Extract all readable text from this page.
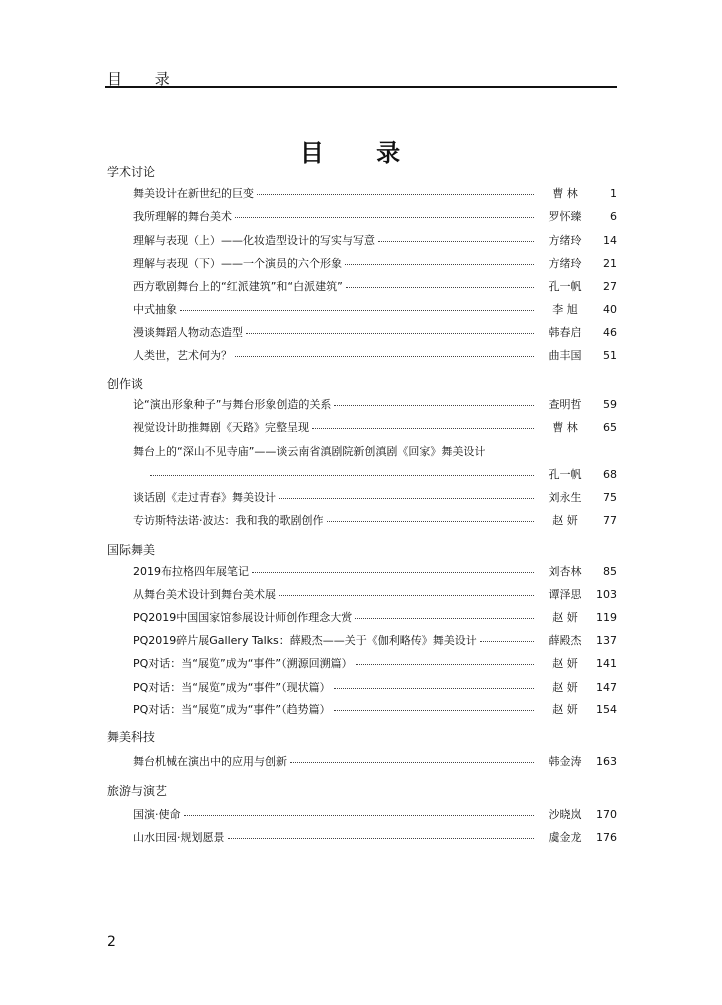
目 录
目 录
学术讨论
舞美设计在新世纪的巨变	曹 林	1
我所理解的舞台美术	罗怀臻	6
理解与表现（上）——化妆造型设计的写实与写意	方绪玲	14
理解与表现（下）——一个演员的六个形象	方绪玲	21
西方歌剧舞台上的“红派建筑”和“白派建筑”	孔一帆	27
中式抽象	李 旭	40
漫谈舞蹈人物动态造型	韩春启	46
人类世，艺术何为？	曲丰国	51
创作谈
论“演出形象种子”与舞台形象创造的关系	查明哲	59
视觉设计助推舞剧《天路》完整呈现	曹 林	65
舞台上的“深山不见寺庙”——谈云南省滇剧院新创滇剧《回家》舞美设计
孔一帆	68
谈话剧《走过青春》舞美设计	刘永生	75
专访斯特法诺·波达：我和我的歌剧创作	赵 妍	77
国际舞美
2019布拉格四年展笔记	刘杏林	85
从舞台美术设计到舞台美术展	谭泽思	103
PQ2019中国国家馆参展设计师创作理念大赏	赵 妍	119
PQ2019碎片展Gallery Talks：薛殿杰——关于《伽利略传》舞美设计	薛殿杰	137
PQ对话：当“展览”成为“事件”（溯源回溯篇）	赵 妍	141
PQ对话：当“展览”成为“事件”（现状篇）	赵 妍	147
PQ对话：当“展览”成为“事件”（趋势篇）	赵 妍	154
舞美科技
舞台机械在演出中的应用与创新	韩金涛	163
旅游与演艺
国演·使命	沙晓岚	170
山水田园·规划愿景	虞金龙	176
2
